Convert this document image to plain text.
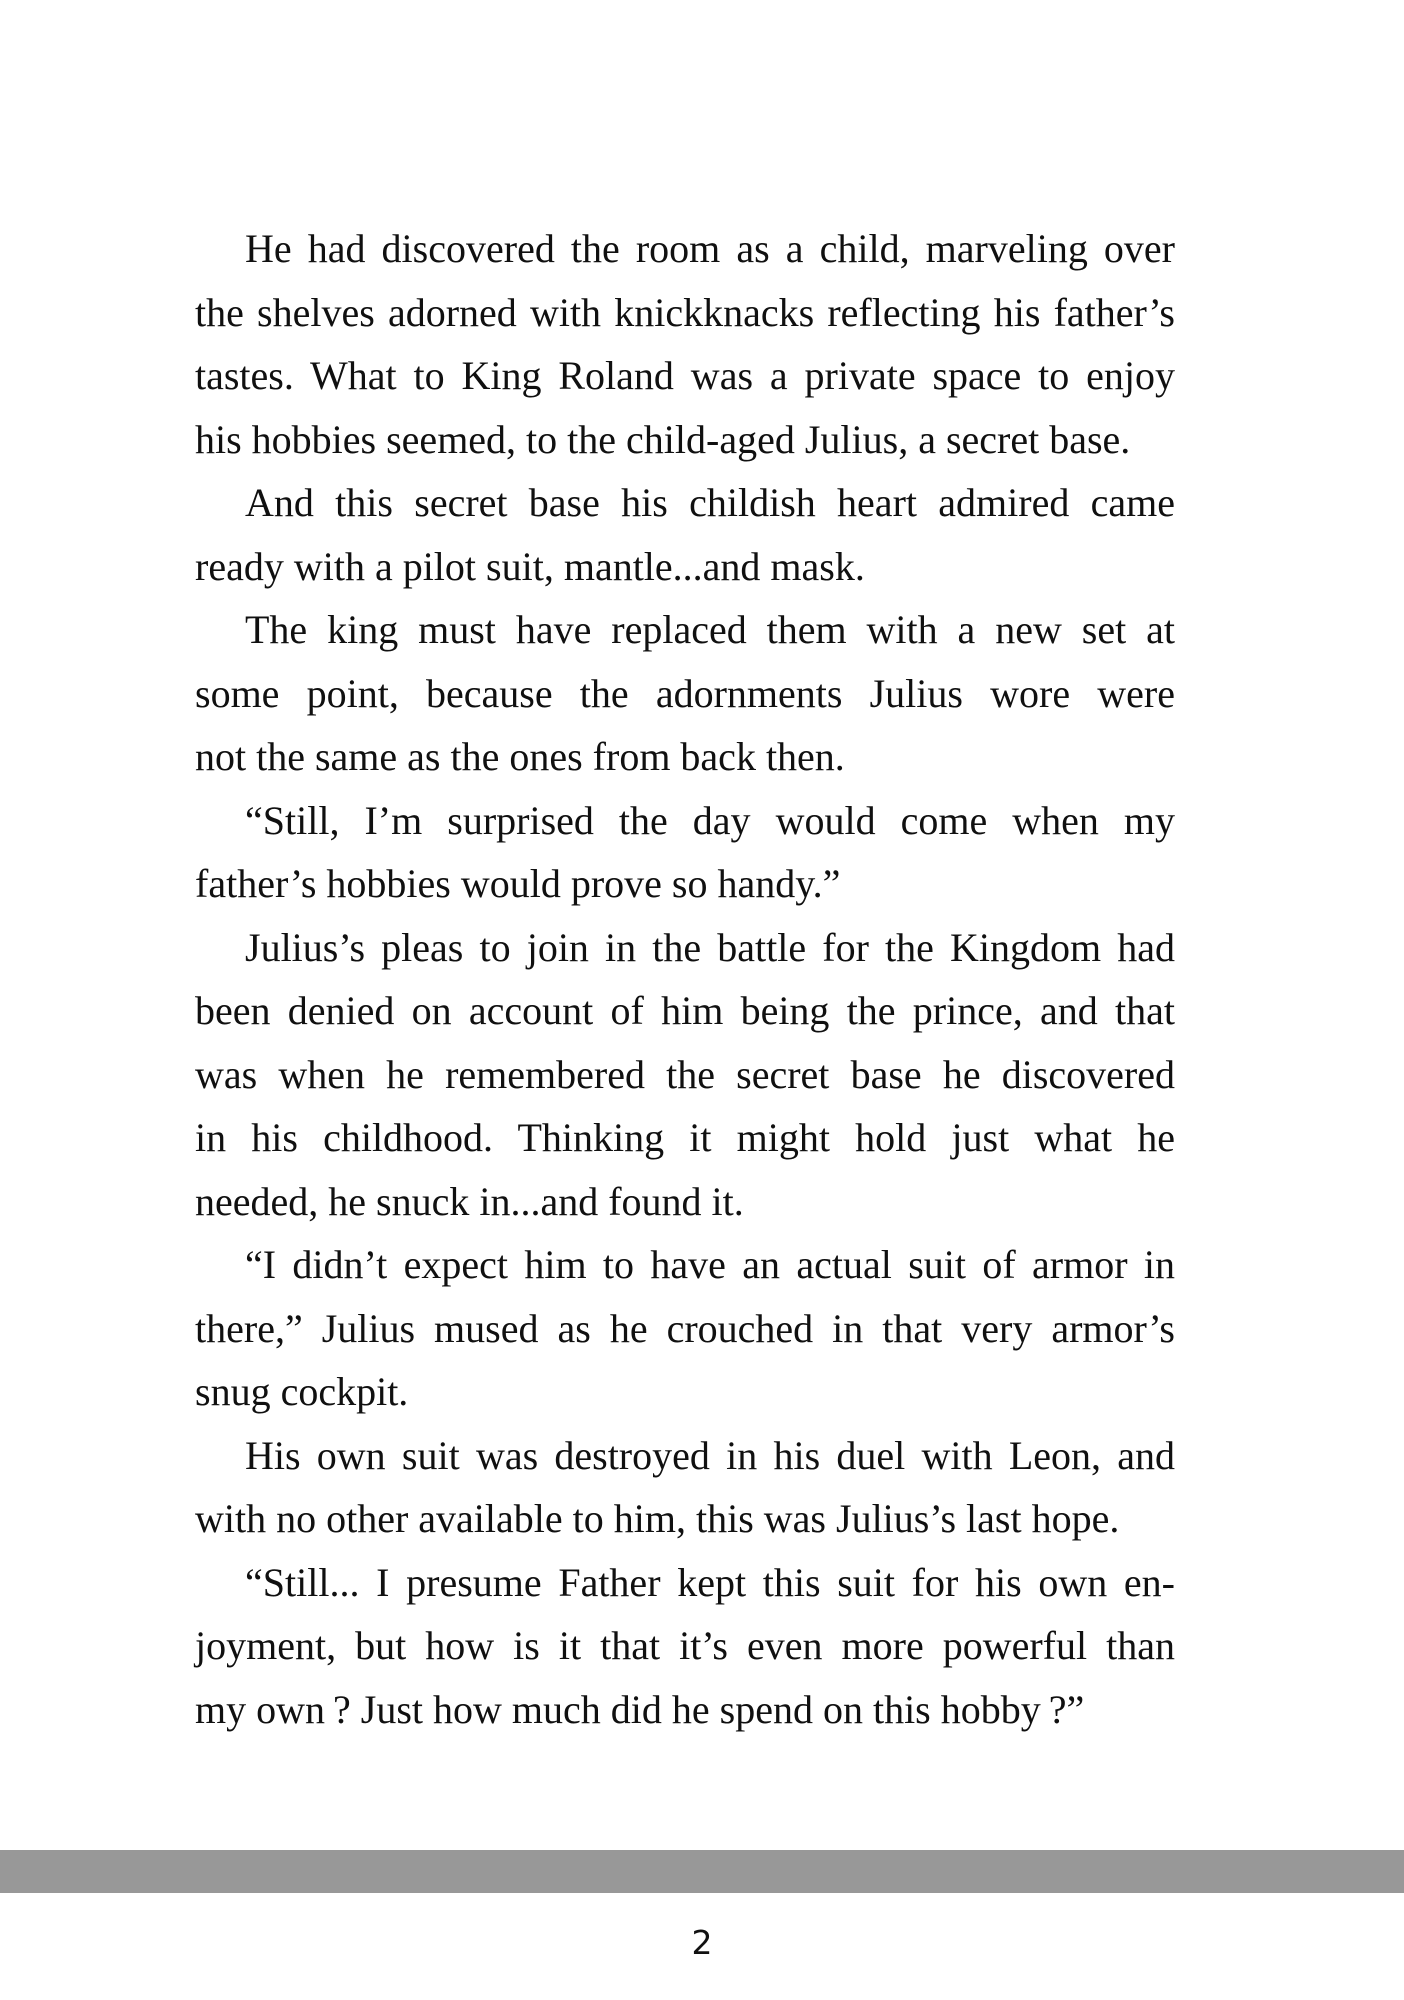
He had discovered the room as a child, marveling over
the shelves adorned with knickknacks reflecting his father’s
tastes. What to King Roland was a private space to enjoy
his hobbies seemed, to the child-aged Julius, a secret base.

And this secret base his childish heart admired came
ready with a pilot suit, mantle...and mask.

The king must have replaced them with a new set at
some point, because the adornments Julius wore were
not the same as the ones from back then.

“Still, I’m surprised the day would come when my
father’s hobbies would prove so handy.”

Julius’s pleas to join in the battle for the Kingdom had
been denied on account of him being the prince, and that
was when he remembered the secret base he discovered
in his childhood. Thinking it might hold just what he
needed, he snuck in...and found it.

“I didn’t expect him to have an actual suit of armor in
there,” Julius mused as he crouched in that very armor’s
snug cockpit.

His own suit was destroyed in his duel with Leon, and
with no other available to him, this was Julius’s last hope.

“Still... I presume Father kept this suit for his own en-
joyment, but how is it that it’s even more powerful than
my own ? Just how much did he spend on this hobby ?”

2
